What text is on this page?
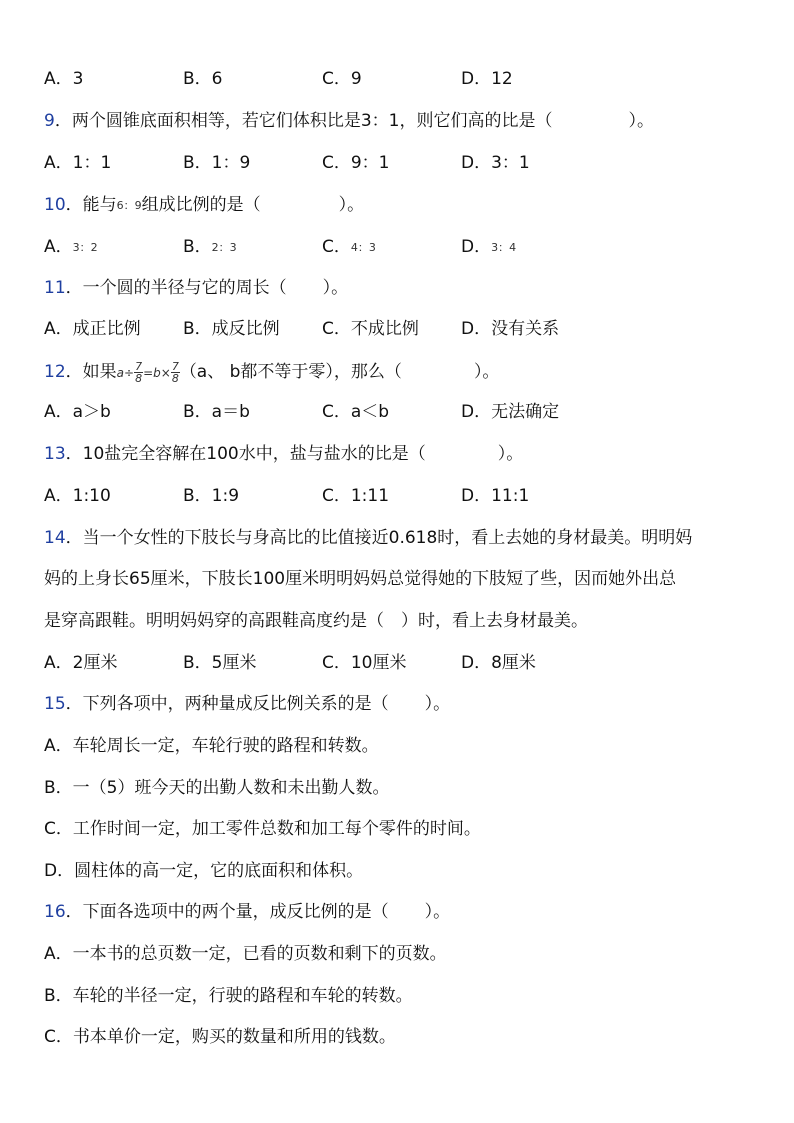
A．3	B．6	C．9	D．12
9．两个圆锥底面积相等，若它们体积比是3：1，则它们高的比是（	）。
A．1：1	B．1：9	C．9：1	D．3：1
10．能与6：9组成比例的是（	）。
A．3：2	B．2：3	C．4：3	D．3：4
11．一个圆的半径与它的周长（ ）。
A．成正比例 B．成反比例 C．不成比例 D．没有关系
12．如果$a\div \frac{7}{8} =b\times \frac{7}{8} (a$、 b都不等于零），那么（	）。
A．a＞b	B．a＝b	C．a＜b	D．无法确定
13．10盐完全容解在100水中，盐与盐水的比是（	）。
A．1:10	B．1:9	C．1:11	D．11:1
14．当一个女性的下肢长与身高比的比值接近0.618时，看上去她的身材最美。明明妈
妈的上身长65厘米，下肢长100厘米明明妈妈总觉得她的下肢短了些，因而她外出总
是穿高跟鞋。明明妈妈穿的高跟鞋高度约是（　）时，看上去身材最美。
A．2厘米	B．5厘米	C．10厘米	D．8厘米
15．下列各项中，两种量成反比例关系的是（ ）。
A．车轮周长一定，车轮行驶的路程和转数。
B．一（5）班今天的出勤人数和未出勤人数。
C．工作时间一定，加工零件总数和加工每个零件的时间。
D．圆柱体的高一定，它的底面积和体积。
16．下面各选项中的两个量，成反比例的是（ ）。
A．一本书的总页数一定，已看的页数和剩下的页数。
B．车轮的半径一定，行驶的路程和车轮的转数。
C．书本单价一定，购买的数量和所用的钱数。
